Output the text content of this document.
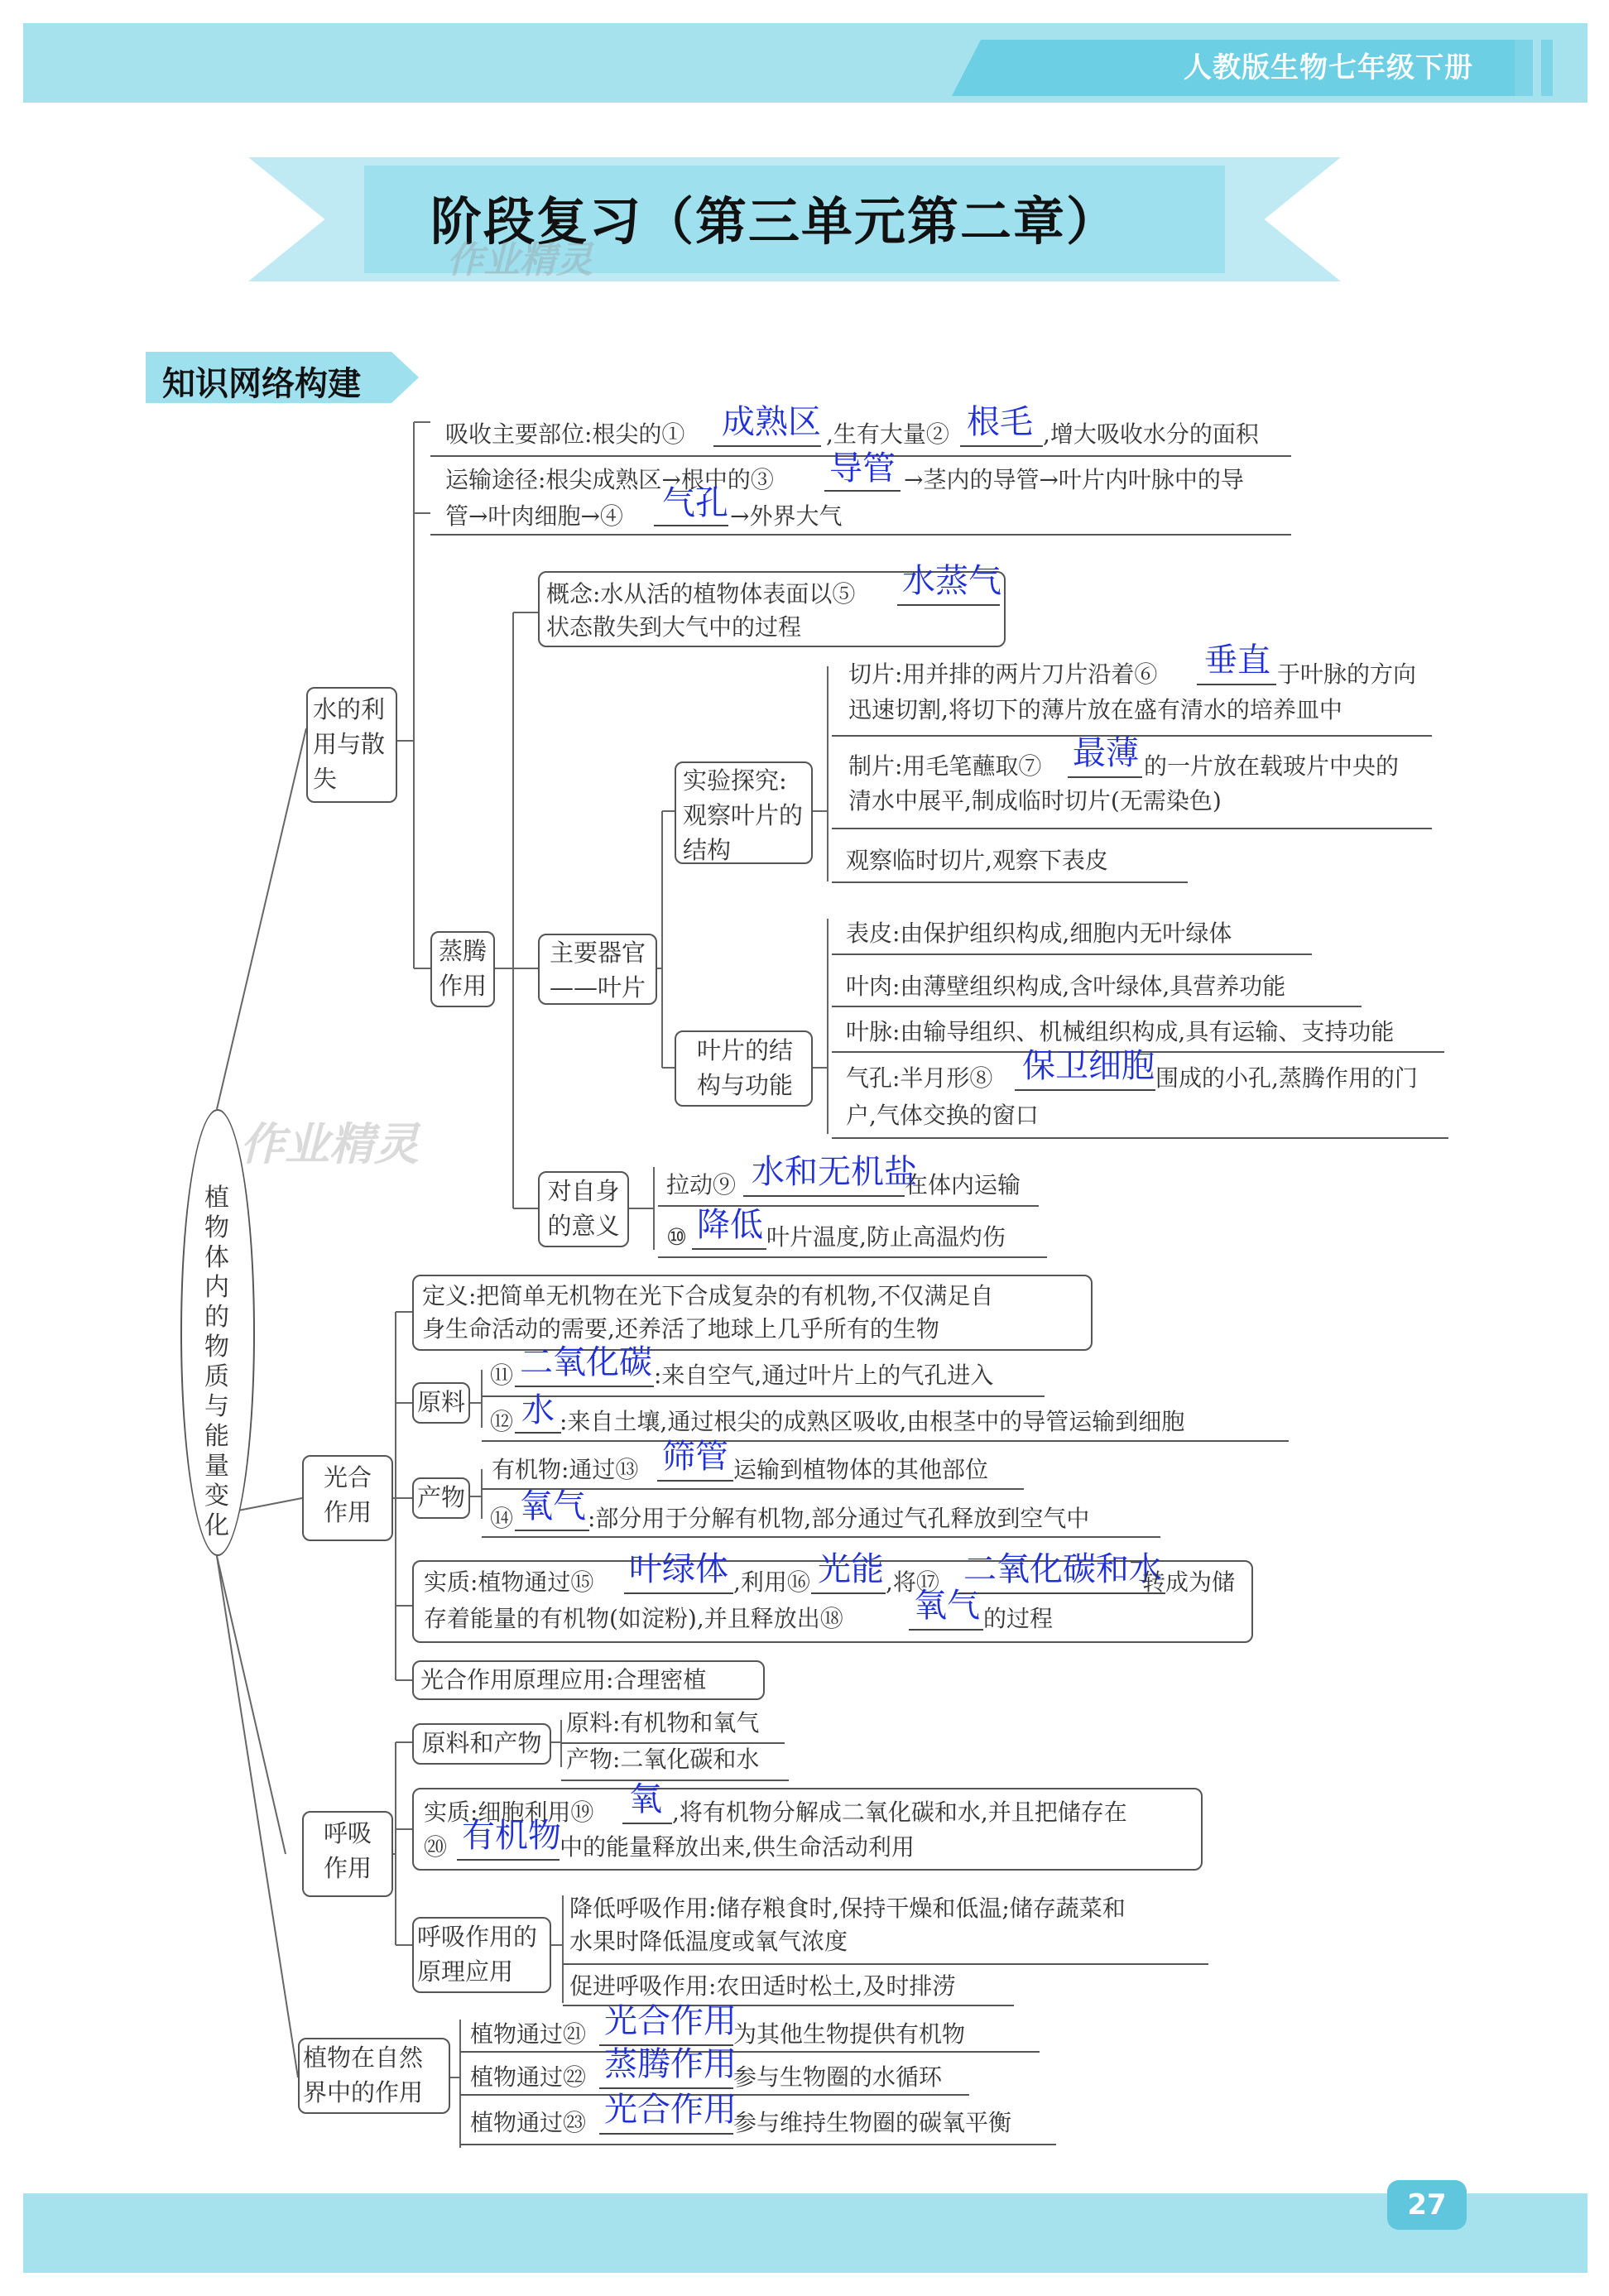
人教版生物七年级下册
阶段复习（第三单元第二章）
作业精灵
知识网络构建
植物体内的物质与能量变化
作业精灵
水的利用与散失
吸收主要部位:根尖的① 成熟区 ,生有大量② 根毛 ,增大吸收水分的面积
运输途径:根尖成熟区→根中的③ 导管 →茎内的导管→叶片内叶脉中的导
管→叶肉细胞→④ 气孔 →外界大气
蒸腾作用
概念:水从活的植物体表面以⑤ 水蒸气
状态散失到大气中的过程
主要器官——叶片
实验探究:观察叶片的结构
切片:用并排的两片刀片沿着⑥ 垂直 于叶脉的方向
迅速切割,将切下的薄片放在盛有清水的培养皿中
制片:用毛笔蘸取⑦ 最薄 的一片放在载玻片中央的
清水中展平,制成临时切片(无需染色)
观察临时切片,观察下表皮
叶片的结构与功能
表皮:由保护组织构成,细胞内无叶绿体
叶肉:由薄壁组织构成,含叶绿体,具营养功能
叶脉:由输导组织、机械组织构成,具有运输、支持功能
气孔:半月形⑧ 保卫细胞 围成的小孔,蒸腾作用的门
户,气体交换的窗口
对自身的意义
拉动⑨ 水和无机盐
在体内运输
⑩ 降低 叶片温度,防止高温灼伤
光合作用
定义:把简单无机物在光下合成复杂的有机物,不仅满足自
身生命活动的需要,还养活了地球上几乎所有的生物
原料
⑪ 二氧化碳 :来自空气,通过叶片上的气孔进入
⑫ 水 :来自土壤,通过根尖的成熟区吸收,由根茎中的导管运输到细胞
产物
有机物:通过⑬ 筛管 运输到植物体的其他部位
⑭ 氧气 :部分用于分解有机物,部分通过气孔释放到空气中
实质:植物通过⑮ 叶绿体 ,利用⑯ 光能 ,将⑰ 二氧化碳和水
转成为储
存着能量的有机物(如淀粉),并且释放出⑱ 氧气 的过程
光合作用原理应用:合理密植
呼吸作用
原料和产物
原料:有机物和氧气
产物:二氧化碳和水
实质:细胞利用⑲ 氧 ,将有机物分解成二氧化碳和水,并且把储存在
⑳ 有机物
中的能量释放出来,供生命活动利用
呼吸作用的原理应用
降低呼吸作用:储存粮食时,保持干燥和低温;储存蔬菜和
水果时降低温度或氧气浓度
促进呼吸作用:农田适时松土,及时排涝
植物在自然界中的作用
植物通过㉑ 光合作用
为其他生物提供有机物
植物通过㉒ 蒸腾作用
参与生物圈的水循环
植物通过㉓ 光合作用
参与维持生物圈的碳氧平衡
27
